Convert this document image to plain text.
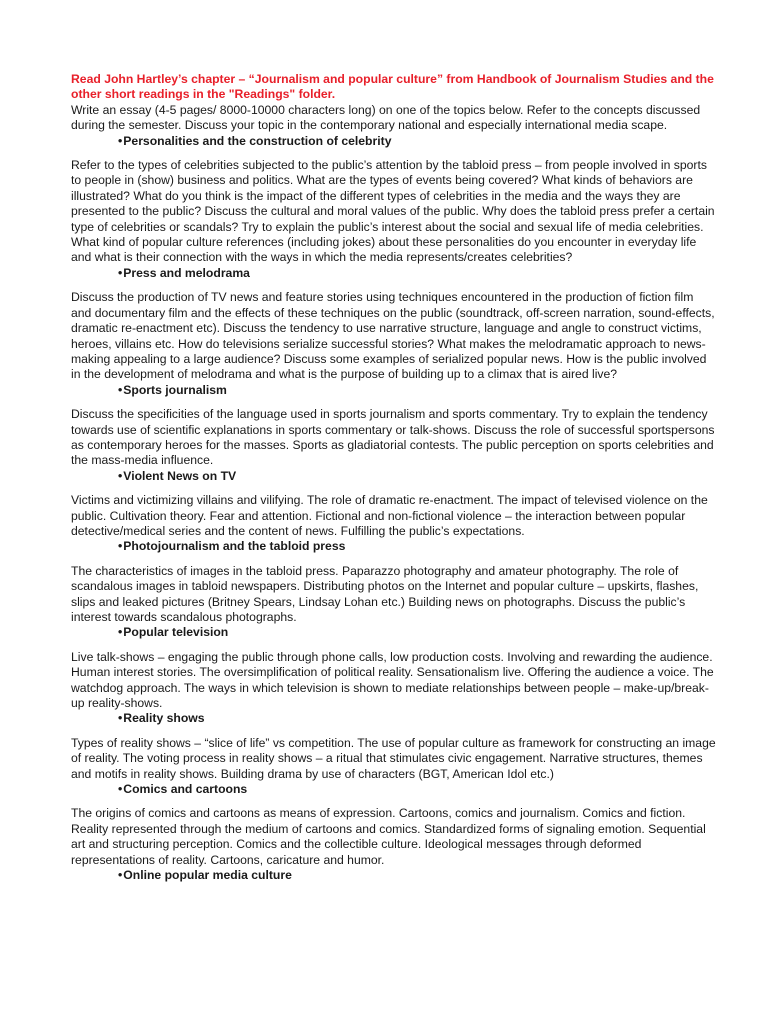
Read John Hartley’s chapter – “Journalism and popular culture” from Handbook of Journalism Studies and the other short readings in the "Readings" folder.

Write an essay (4-5 pages/ 8000-10000 characters long) on one of the topics below. Refer to the concepts discussed during the semester. Discuss your topic in the contemporary national and especially international media scape.

•Personalities and the construction of celebrity

Refer to the types of celebrities subjected to the public’s attention by the tabloid press – from people involved in sports to people in (show) business and politics. What are the types of events being covered? What kinds of behaviors are illustrated? What do you think is the impact of the different types of celebrities in the media and the ways they are presented to the public? Discuss the cultural and moral values of the public. Why does the tabloid press prefer a certain type of celebrities or scandals? Try to explain the public’s interest about the social and sexual life of media celebrities. What kind of popular culture references (including jokes) about these personalities do you encounter in everyday life and what is their connection with the ways in which the media represents/creates celebrities?

•Press and melodrama

Discuss the production of TV news and feature stories using techniques encountered in the production of fiction film and documentary film and the effects of these techniques on the public (soundtrack, off-screen narration, sound-effects, dramatic re-enactment etc). Discuss the tendency to use narrative structure, language and angle to construct victims, heroes, villains etc. How do televisions serialize successful stories? What makes the melodramatic approach to news-making appealing to a large audience? Discuss some examples of serialized popular news. How is the public involved in the development of melodrama and what is the purpose of building up to a climax that is aired live?

•Sports journalism

Discuss the specificities of the language used in sports journalism and sports commentary. Try to explain the tendency towards use of scientific explanations in sports commentary or talk-shows. Discuss the role of successful sportspersons as contemporary heroes for the masses. Sports as gladiatorial contests. The public perception on sports celebrities and the mass-media influence.

•Violent News on TV

Victims and victimizing villains and vilifying. The role of dramatic re-enactment. The impact of televised violence on the public. Cultivation theory. Fear and attention. Fictional and non-fictional violence – the interaction between popular detective/medical series and the content of news. Fulfilling the public’s expectations.

•Photojournalism and the tabloid press

The characteristics of images in the tabloid press. Paparazzo photography and amateur photography. The role of scandalous images in tabloid newspapers. Distributing photos on the Internet and popular culture – upskirts, flashes, slips and leaked pictures (Britney Spears, Lindsay Lohan etc.) Building news on photographs. Discuss the public’s interest towards scandalous photographs.

•Popular television

Live talk-shows – engaging the public through phone calls, low production costs. Involving and rewarding the audience. Human interest stories. The oversimplification of political reality. Sensationalism live. Offering the audience a voice. The watchdog approach. The ways in which television is shown to mediate relationships between people – make-up/break-up reality-shows.

•Reality shows

Types of reality shows – “slice of life” vs competition. The use of popular culture as framework for constructing an image of reality. The voting process in reality shows – a ritual that stimulates civic engagement. Narrative structures, themes and motifs in reality shows. Building drama by use of characters (BGT, American Idol etc.)

•Comics and cartoons

The origins of comics and cartoons as means of expression. Cartoons, comics and journalism. Comics and fiction. Reality represented through the medium of cartoons and comics. Standardized forms of signaling emotion. Sequential art and structuring perception. Comics and the collectible culture. Ideological messages through deformed representations of reality. Cartoons, caricature and humor.

•Online popular media culture
